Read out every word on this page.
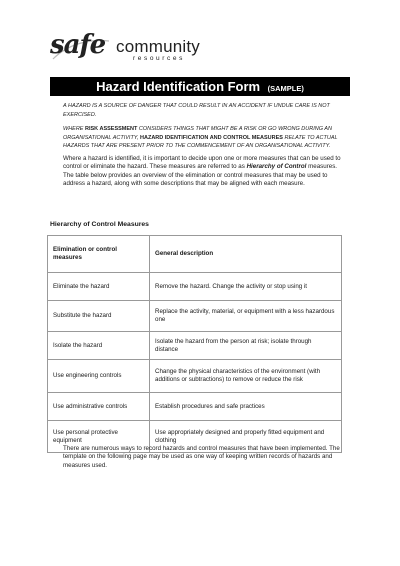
safe community
resources
Hazard Identification Form (SAMPLE)
A HAZARD IS A SOURCE OF DANGER THAT COULD RESULT IN AN ACCIDENT IF UNDUE CARE IS NOT EXERCISED.
WHERE RISK ASSESSMENT CONSIDERS THINGS THAT MIGHT BE A RISK OR GO WRONG DURING AN ORGANISATIONAL ACTIVITY, HAZARD IDENTIFICATION AND CONTROL MEASURES RELATE TO ACTUAL HAZARDS THAT ARE PRESENT PRIOR TO THE COMMENCEMENT OF AN ORGANISATIONAL ACTIVITY.
Where a hazard is identified, it is important to decide upon one or more measures that can be used to control or eliminate the hazard. These measures are referred to as Hierarchy of Control measures. The table below provides an overview of the elimination or control measures that may be used to address a hazard, along with some descriptions that may be aligned with each measure.
Hierarchy of Control Measures
Elimination or control measures	General description
Eliminate the hazard	Remove the hazard. Change the activity or stop using it
Substitute the hazard	Replace the activity, material, or equipment with a less hazardous one
Isolate the hazard	Isolate the hazard from the person at risk; isolate through distance
Use engineering controls	Change the physical characteristics of the environment (with additions or subtractions) to remove or reduce the risk
Use administrative controls	Establish procedures and safe practices
Use personal protective equipment	Use appropriately designed and properly fitted equipment and clothing
There are numerous ways to record hazards and control measures that have been implemented. The template on the following page may be used as one way of keeping written records of hazards and measures used.
